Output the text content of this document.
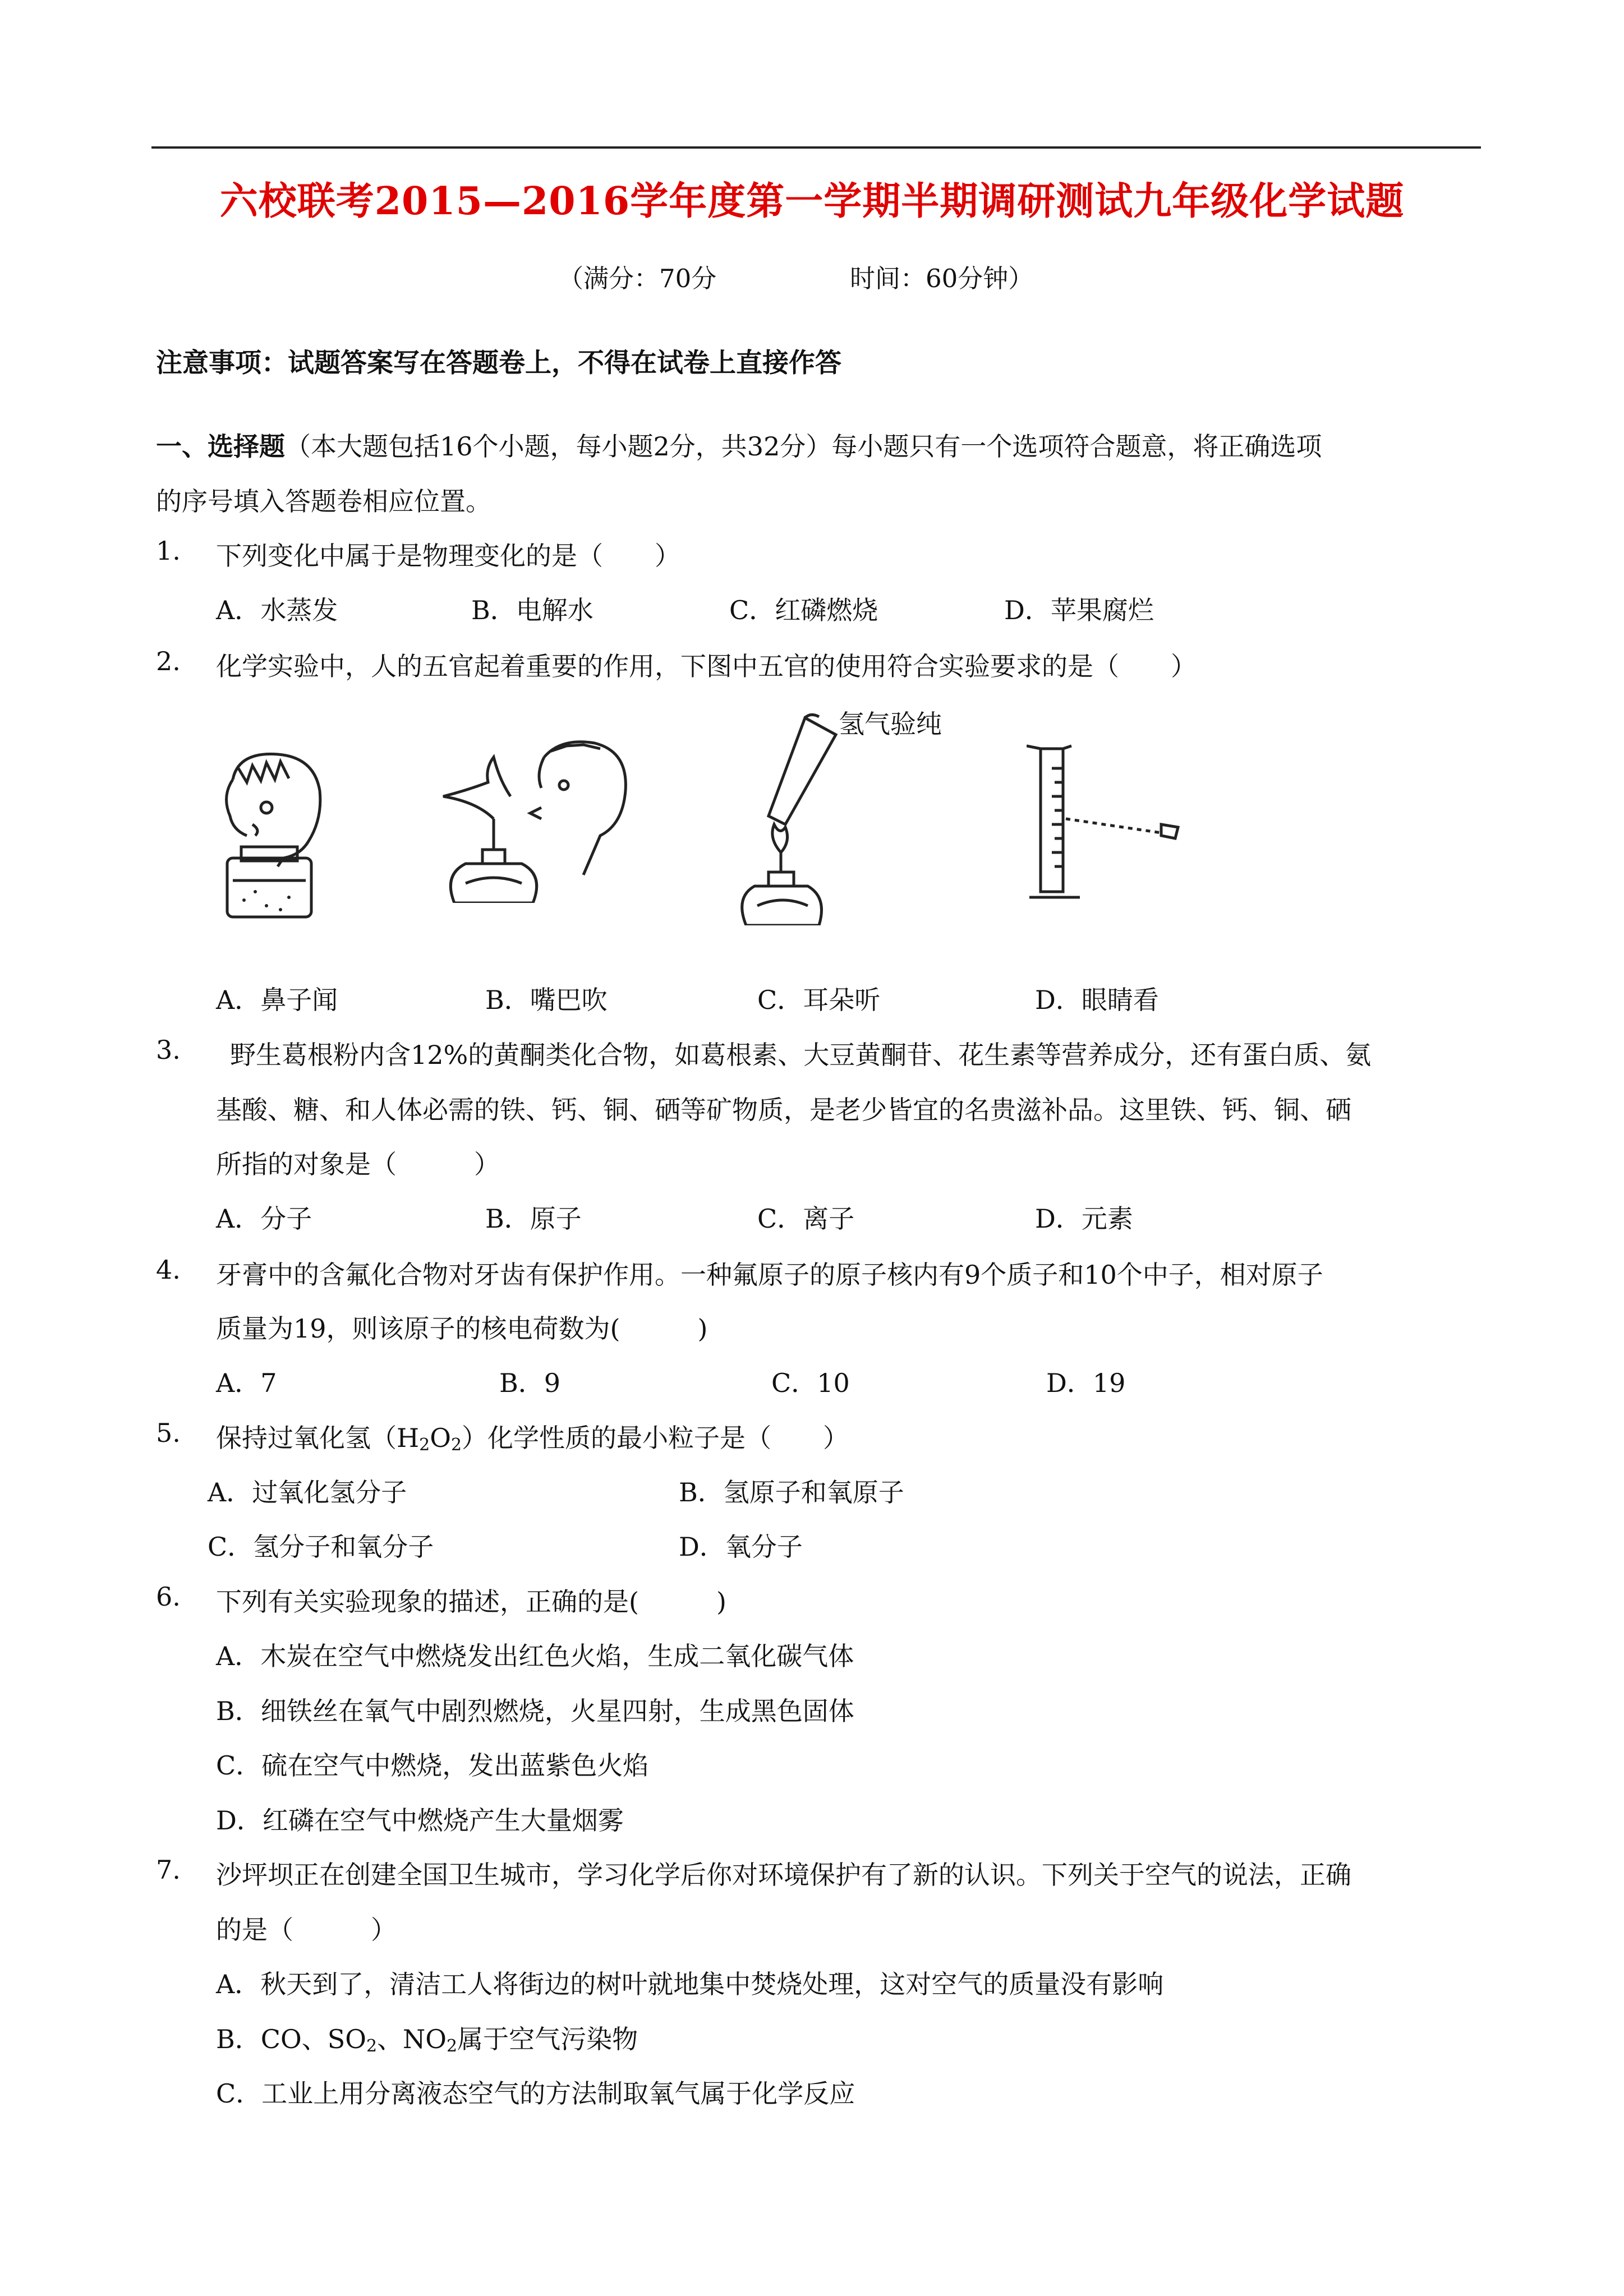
六校联考2015—2016学年度第一学期半期调研测试九年级化学试题
（满分：70分	时间：60分钟）
注意事项：试题答案写在答题卷上，不得在试卷上直接作答
一、选择题（本大题包括16个小题，每小题2分，共32分）每小题只有一个选项符合题意，将正确选项
的序号填入答题卷相应位置。
1. 下列变化中属于是物理变化的是（　　）
A．水蒸发	B．电解水	C．红磷燃烧	D．苹果腐烂
2. 化学实验中，人的五官起着重要的作用，下图中五官的使用符合实验要求的是（　　）
氢气验纯
A．鼻子闻	B．嘴巴吹	C．耳朵听	D．眼睛看
3. 野生葛根粉内含12%的黄酮类化合物，如葛根素、大豆黄酮苷、花生素等营养成分，还有蛋白质、氨
基酸、糖、和人体必需的铁、钙、铜、硒等矿物质，是老少皆宜的名贵滋补品。这里铁、钙、铜、硒
所指的对象是（　　　）
A．分子	B．原子	C．离子	D．元素
4. 牙膏中的含氟化合物对牙齿有保护作用。一种氟原子的原子核内有9个质子和10个中子，相对原子
质量为19，则该原子的核电荷数为(　　　)
A．7	B．9	C．10	D．19
5. 保持过氧化氢$(H_2O_2)$化学性质的最小粒子是（　　）
A．过氧化氢分子	B．氢原子和氧原子
C．氢分子和氧分子	D．氧分子
6. 下列有关实验现象的描述，正确的是(　　　)
A．木炭在空气中燃烧发出红色火焰，生成二氧化碳气体
B．细铁丝在氧气中剧烈燃烧，火星四射，生成黑色固体
C．硫在空气中燃烧，发出蓝紫色火焰
D．红磷在空气中燃烧产生大量烟雾
7. 沙坪坝正在创建全国卫生城市，学习化学后你对环境保护有了新的认识。下列关于空气的说法，正确
的是（　　　）
A．秋天到了，清洁工人将街边的树叶就地集中焚烧处理，这对空气的质量没有影响
B．CO、$SO_2$、$NO_2$属于空气污染物
C．工业上用分离液态空气的方法制取氧气属于化学反应
